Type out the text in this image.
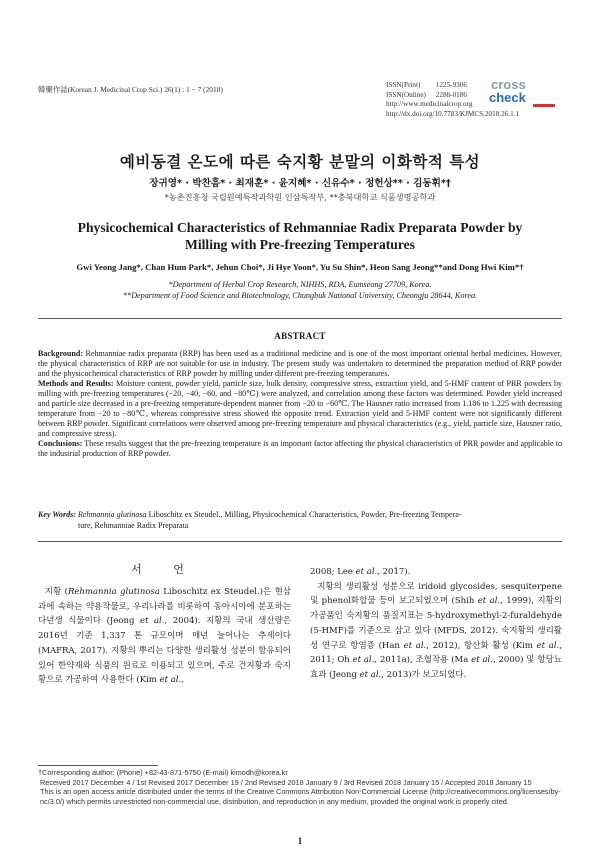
韓藥作誌(Korean J. Medicinal Crop Sci.) 26(1) : 1 − 7 (2018)	ISSN(Print) 1225-9306
ISSN(Online) 2288-0186
http://www.medicinalcrop.org
http://dx.doi.org/10.7783/KJMCS.2018.26.1.1
cross
check
예비동결 온도에 따른 숙지황 분말의 이화학적 특성
장귀영* · 박찬흠* · 최재훈* · 윤지혜* · 신유수* · 정헌상** · 김동휘*†
*농촌진흥청 국립원예특작과학원 인삼특작부, **충북대학교 식품생명공학과
Physicochemical Characteristics of Rehmanniae Radix Preparata Powder by
Milling with Pre-freezing Temperatures
Gwi Yeong Jang*, Chan Hum Park*, Jehun Choi*, Ji Hye Yoon*, Yu Su Shin*, Heon Sang Jeong**and Dong Hwi Kim*†
*Department of Herbal Crop Research, NIHHS, RDA, Eumseong 27709, Korea.
**Department of Food Science and Biotechnology, Chungbuk National University, Cheongju 28644, Korea.
ABSTRACT

Background: Rehmanniae radix preparata (RRP) has been used as a traditional medicine and is one of the most important oriental herbal medicines. However, the physical characteristics of RRP are not suitable for use in industry. The present study was undertaken to determined the preparation method of RRP powder and the physicochemical characteristics of RRP powder by milling under different pre-freezing temperatures.

Methods and Results: Moisture content, powder yield, particle size, bulk density, compressive stress, extraction yield, and 5-HMF content of PRR powders by milling with pre-freezing temperatures (−20, −40, −60, and −80℃) were analyzed, and correlation among these factors was determined. Powder yield increased and particle size decreased in a pre-freezing temperature-dependent manner from −20 to −60℃. The Hausner ratio increased from 1.186 to 1.225 with decreasing temperature from −20 to −80℃, whereas compressive stress showed the opposite trend. Extraction yield and 5-HMF content were not significantly different between RRP powder. Significant correlations were observed among pre-freezing temperature and physical characteristics (e.g., yield, particle size, Hausner ratio, and compressive stress).

Conclusions: These results suggest that the pre-freezing temperature is an important factor affecting the physical characteristics of PRR powder and applicable to the industrial production of RRP powder.

Key Words: Rehmannia glutinosa Liboschitz ex Steudel., Milling, Physicochemical Characteristics, Powder, Pre-freezing Tempera-
ture, Rehmanniae Radix Preparata
서 언
지황 (Rehmannia glutinosa Liboschitz ex Steudel.)은 현삼과에 속하는 약용작물로, 우리나라를 비롯하여 동아시아에 분포하는 다년생 식물이다 (Jeong et al., 2004). 지황의 국내 생산량은 2016년 기준 1,337 톤 규모이며 매년 늘어나는 추세이다 (MAFRA, 2017). 지황의 뿌리는 다양한 생리활성 성분이 함유되어 있어 한약재와 식품의 원료로 이용되고 있으며, 주로 건지황과 숙지황으로 가공하여 사용한다 (Kim et al.,
2008; Lee et al., 2017).
지황의 생리활성 성분으로 iridoid glycosides, sesquiterpene 및 phenol화합물 등이 보고되었으며 (Shih et al., 1999), 지황의 가공품인 숙지황의 품질지표는 5-hydroxymethyl-2-furaldehyde (5-HMF)를 기준으로 삼고 있다 (MFDS, 2012). 숙지황의 생리활성 연구로 항염증 (Han et al., 2012), 항산화 활성 (Kim et al., 2011; Oh et al., 2011a), 조혈작용 (Ma et al., 2000) 및 항당뇨 효과 (Jeong et al., 2013)가 보고되었다.
†Corresponding author: (Phone) +82-43-871-5750 (E-mail) kimodh@korea.kr
Received 2017 December 4 / 1st Revised 2017 December 19 / 2nd Revised 2018 January 9 / 3rd Revised 2018 January 15 / Accepted 2018 January 15
This is an open access article distributed under the terms of the Creative Commons Attribution Non-Commercial License (http://creativecommons.org/licenses/by-nc/3.0/) which permits unrestricted non-commercial use, distribution, and reproduction in any medium, provided the original work is properly cited.
1
